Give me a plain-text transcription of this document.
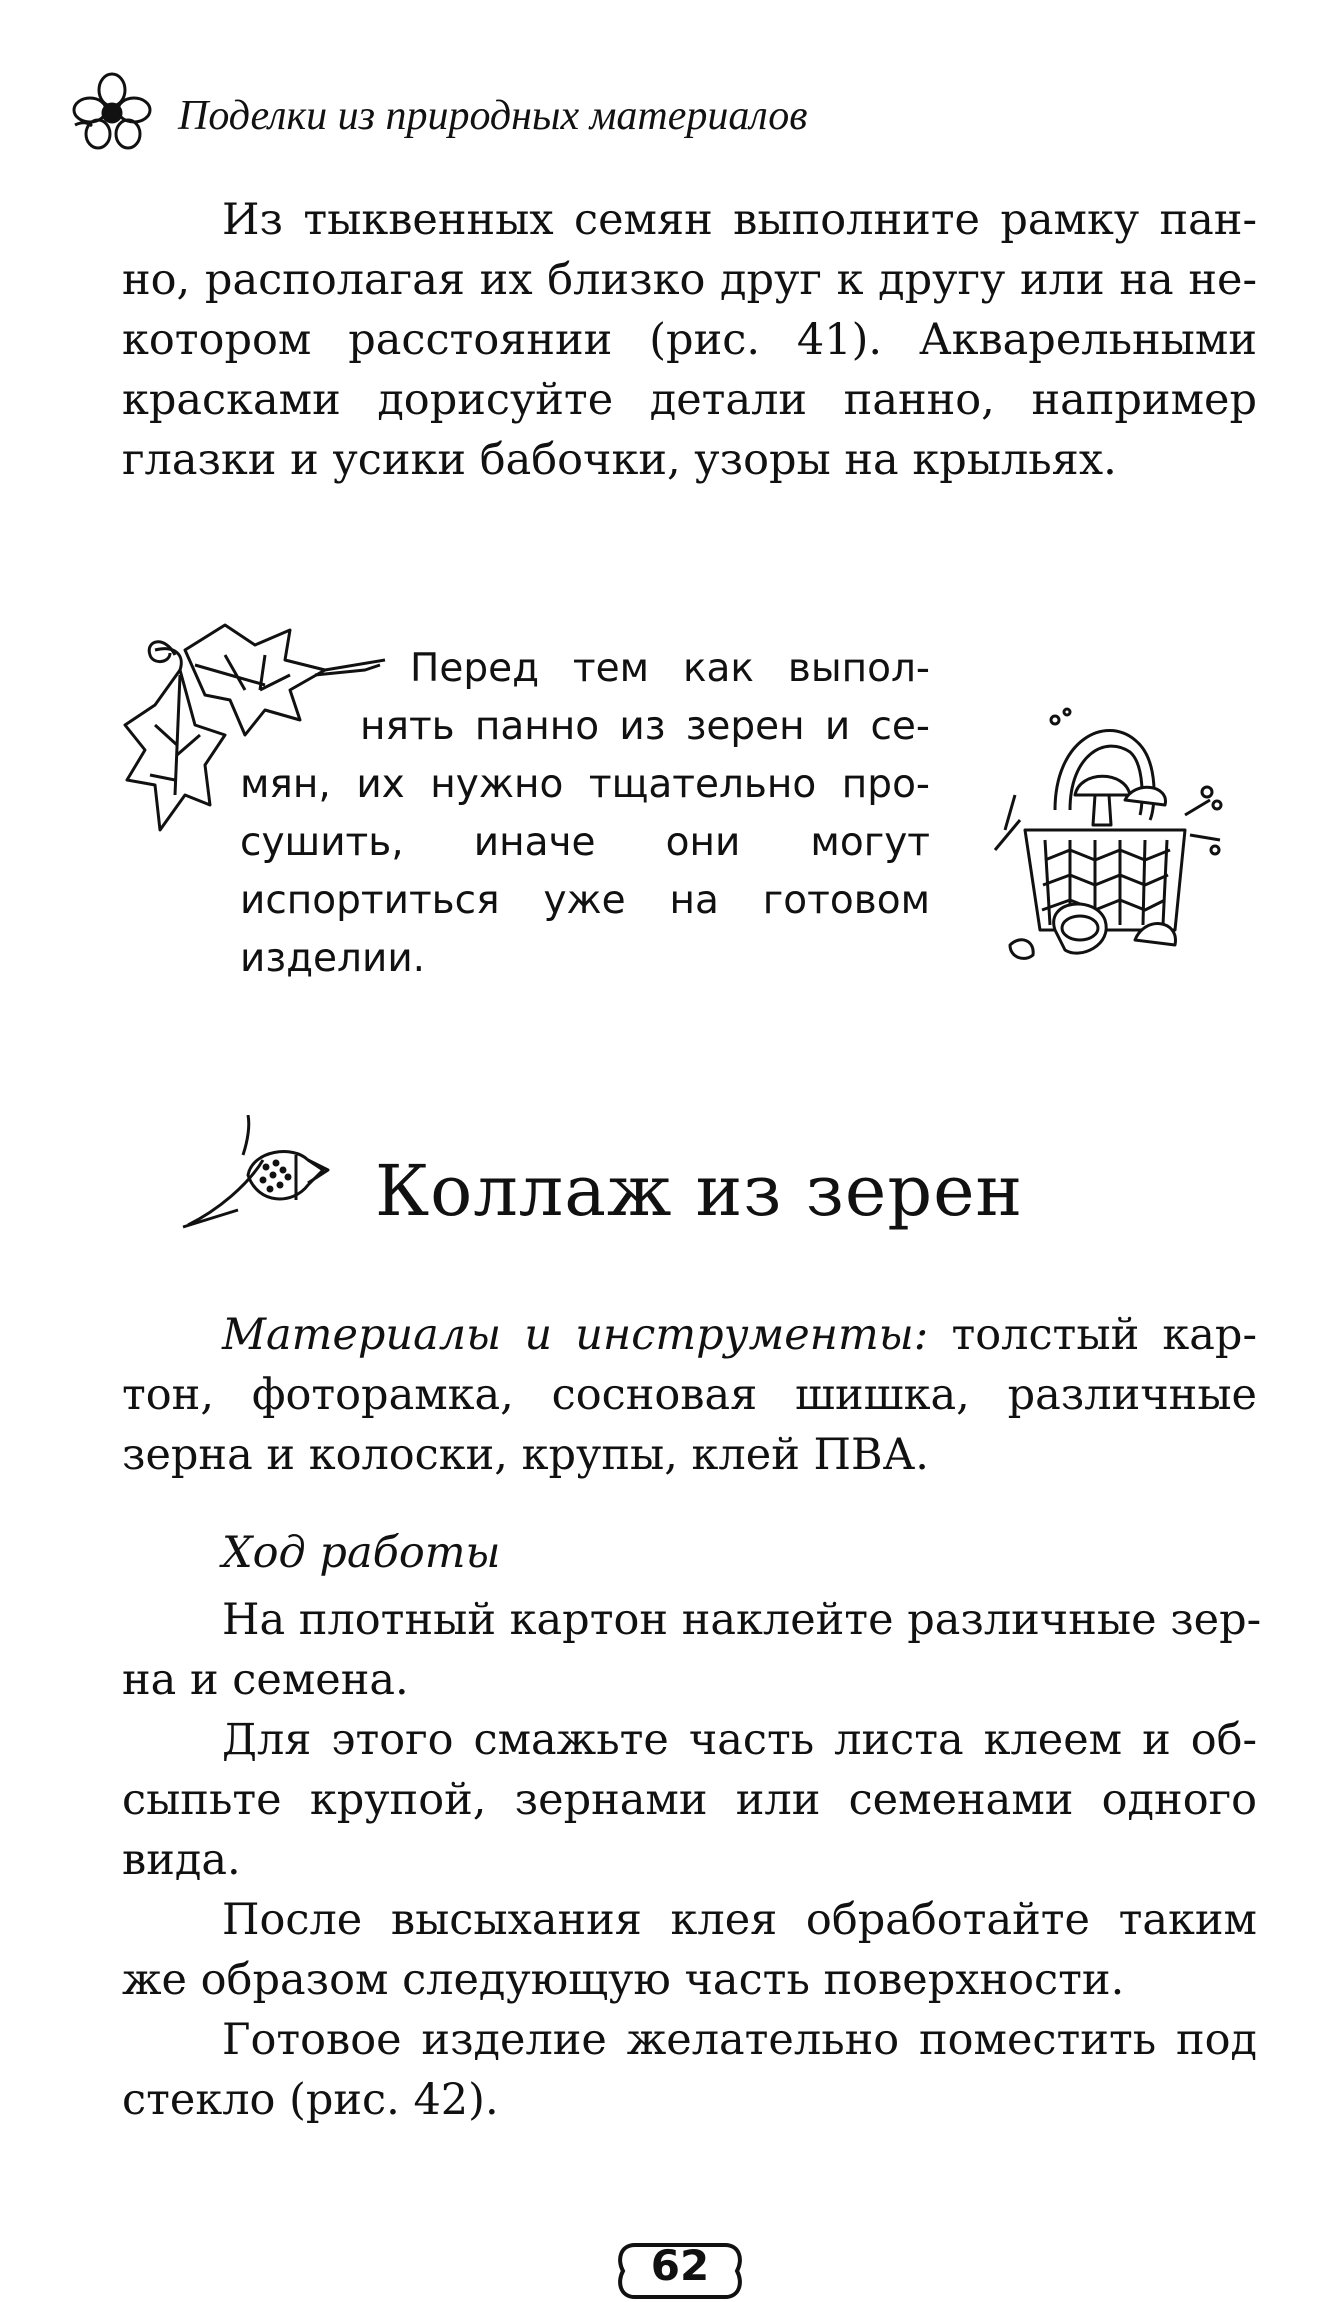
Поделки из природных материалов
Из тыквенных семян выполните рамку пан-
но, располагая их близко друг к другу или на не-
котором расстоянии (рис. 41). Акварельными
красками дорисуйте детали панно, например
глазки и усики бабочки, узоры на крыльях.
Перед тем как выпол-
нять панно из зерен и се-
мян, их нужно тщательно про-
сушить, иначе они могут
испортиться уже на готовом
изделии.
Коллаж из зерен
Материалы и инструменты: толстый кар-
тон, фоторамка, сосновая шишка, различные
зерна и колоски, крупы, клей ПВА.
Ход работы
На плотный картон наклейте различные зер-
на и семена.
Для этого смажьте часть листа клеем и об-
сыпьте крупой, зернами или семенами одного
вида.
После высыхания клея обработайте таким
же образом следующую часть поверхности.
Готовое изделие желательно поместить под
стекло (рис. 42).
62
